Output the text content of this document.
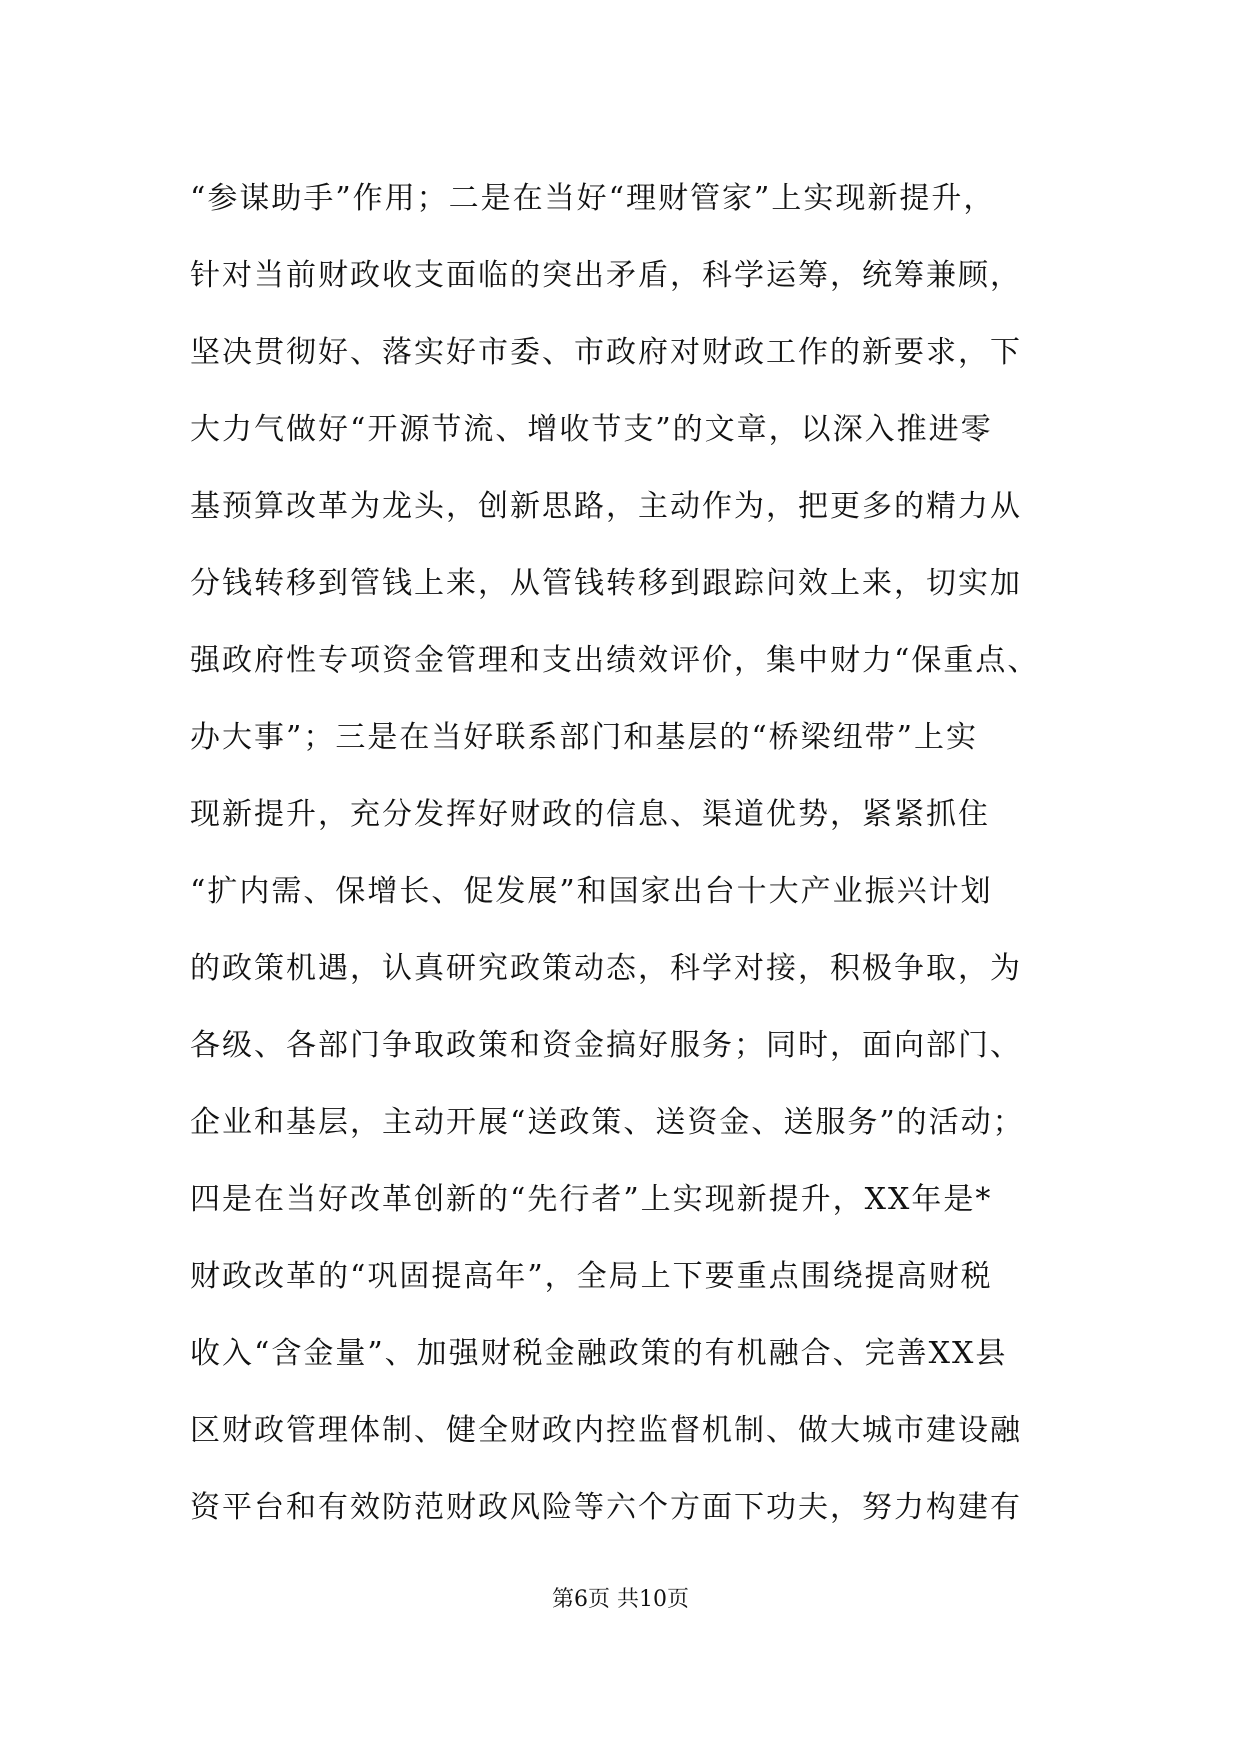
“参谋助手”作用；二是在当好“理财管家”上实现新提升，
针对当前财政收支面临的突出矛盾，科学运筹，统筹兼顾，
坚决贯彻好、落实好市委、市政府对财政工作的新要求，下
大力气做好“开源节流、增收节支”的文章，以深入推进零
基预算改革为龙头，创新思路，主动作为，把更多的精力从
分钱转移到管钱上来，从管钱转移到跟踪问效上来，切实加
强政府性专项资金管理和支出绩效评价，集中财力“保重点、
办大事”；三是在当好联系部门和基层的“桥梁纽带”上实
现新提升，充分发挥好财政的信息、渠道优势，紧紧抓住
“扩内需、保增长、促发展”和国家出台十大产业振兴计划
的政策机遇，认真研究政策动态，科学对接，积极争取，为
各级、各部门争取政策和资金搞好服务；同时，面向部门、
企业和基层，主动开展“送政策、送资金、送服务”的活动；
四是在当好改革创新的“先行者”上实现新提升，XX年是*
财政改革的“巩固提高年”，全局上下要重点围绕提高财税
收入“含金量”、加强财税金融政策的有机融合、完善XX县
区财政管理体制、健全财政内控监督机制、做大城市建设融
资平台和有效防范财政风险等六个方面下功夫，努力构建有
第6页 共10页
